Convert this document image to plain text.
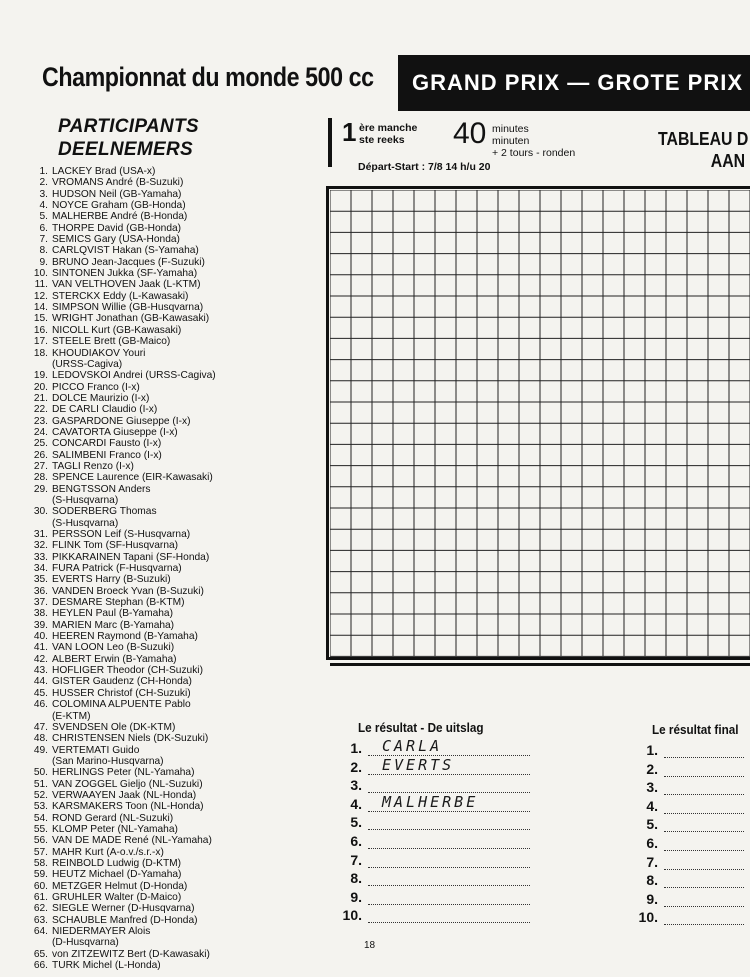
Championnat du monde 500 cc	GRAND PRIX — GROTE PRIX
PARTICIPANTS
DEELNEMERS
1. LACKEY Brad (USA-x)
2. VROMANS André (B-Suzuki)
3. HUDSON Neil (GB-Yamaha)
4. NOYCE Graham (GB-Honda)
5. MALHERBE André (B-Honda)
6. THORPE David (GB-Honda)
7. SEMICS Gary (USA-Honda)
8. CARLQVIST Hakan (S-Yamaha)
9. BRUNO Jean-Jacques (F-Suzuki)
10. SINTONEN Jukka (SF-Yamaha)
11. VAN VELTHOVEN Jaak (L-KTM)
12. STERCKX Eddy (L-Kawasaki)
14. SIMPSON Willie (GB-Husqvarna)
15. WRIGHT Jonathan (GB-Kawasaki)
16. NICOLL Kurt (GB-Kawasaki)
17. STEELE Brett (GB-Maico)
18. KHOUDIAKOV Youri
(URSS-Cagiva)
19. LEDOVSKOI Andrei (URSS-Cagiva)
20. PICCO Franco (I-x)
21. DOLCE Maurizio (I-x)
22. DE CARLI Claudio (I-x)
23. GASPARDONE Giuseppe (I-x)
24. CAVATORTA Giuseppe (I-x)
25. CONCARDI Fausto (I-x)
26. SALIMBENI Franco (I-x)
27. TAGLI Renzo (I-x)
28. SPENCE Laurence (EIR-Kawasaki)
29. BENGTSSON Anders
(S-Husqvarna)
30. SODERBERG Thomas
(S-Husqvarna)
31. PERSSON Leif (S-Husqvarna)
32. FLINK Tom (SF-Husqvarna)
33. PIKKARAINEN Tapani (SF-Honda)
34. FURA Patrick (F-Husqvarna)
35. EVERTS Harry (B-Suzuki)
36. VANDEN Broeck Yvan (B-Suzuki)
37. DESMARE Stephan (B-KTM)
38. HEYLEN Paul (B-Yamaha)
39. MARIEN Marc (B-Yamaha)
40. HEEREN Raymond (B-Yamaha)
41. VAN LOON Leo (B-Suzuki)
42. ALBERT Erwin (B-Yamaha)
43. HOFLIGER Theodor (CH-Suzuki)
44. GISTER Gaudenz (CH-Honda)
45. HUSSER Christof (CH-Suzuki)
46. COLOMINA ALPUENTE Pablo
(E-KTM)
47. SVENDSEN Ole (DK-KTM)
48. CHRISTENSEN Niels (DK-Suzuki)
49. VERTEMATI Guido
(San Marino-Husqvarna)
50. HERLINGS Peter (NL-Yamaha)
51. VAN ZOGGEL Gieljo (NL-Suzuki)
52. VERWAAYEN Jaak (NL-Honda)
53. KARSMAKERS Toon (NL-Honda)
54. ROND Gerard (NL-Suzuki)
55. KLOMP Peter (NL-Yamaha)
56. VAN DE MADE René (NL-Yamaha)
57. MAHR Kurt (A-o.v./s.r.-x)
58. REINBOLD Ludwig (D-KTM)
59. HEUTZ Michael (D-Yamaha)
60. METZGER Helmut (D-Honda)
61. GRUHLER Walter (D-Maico)
62. SIEGLE Werner (D-Husqvarna)
63. SCHAUBLE Manfred (D-Honda)
64. NIEDERMAYER Alois
(D-Husqvarna)
65. von ZITZEWITZ Bert (D-Kawasaki)
66. TURK Michel (L-Honda)
1 ère manche
ste reeks	40 minutes
minuten
+ 2 tours - ronden
Départ-Start : 7/8 14 h/u 20
TABLEAU D
AAN
Le résultat - De uitslag
1.	CARLA
2.	EVERTS
3.
4.	MALHERBE
5.
6.
7.
8.
9.
10.
Le résultat final
1.
2.
3.
4.
5.
6.
7.
8.
9.
10.
18
